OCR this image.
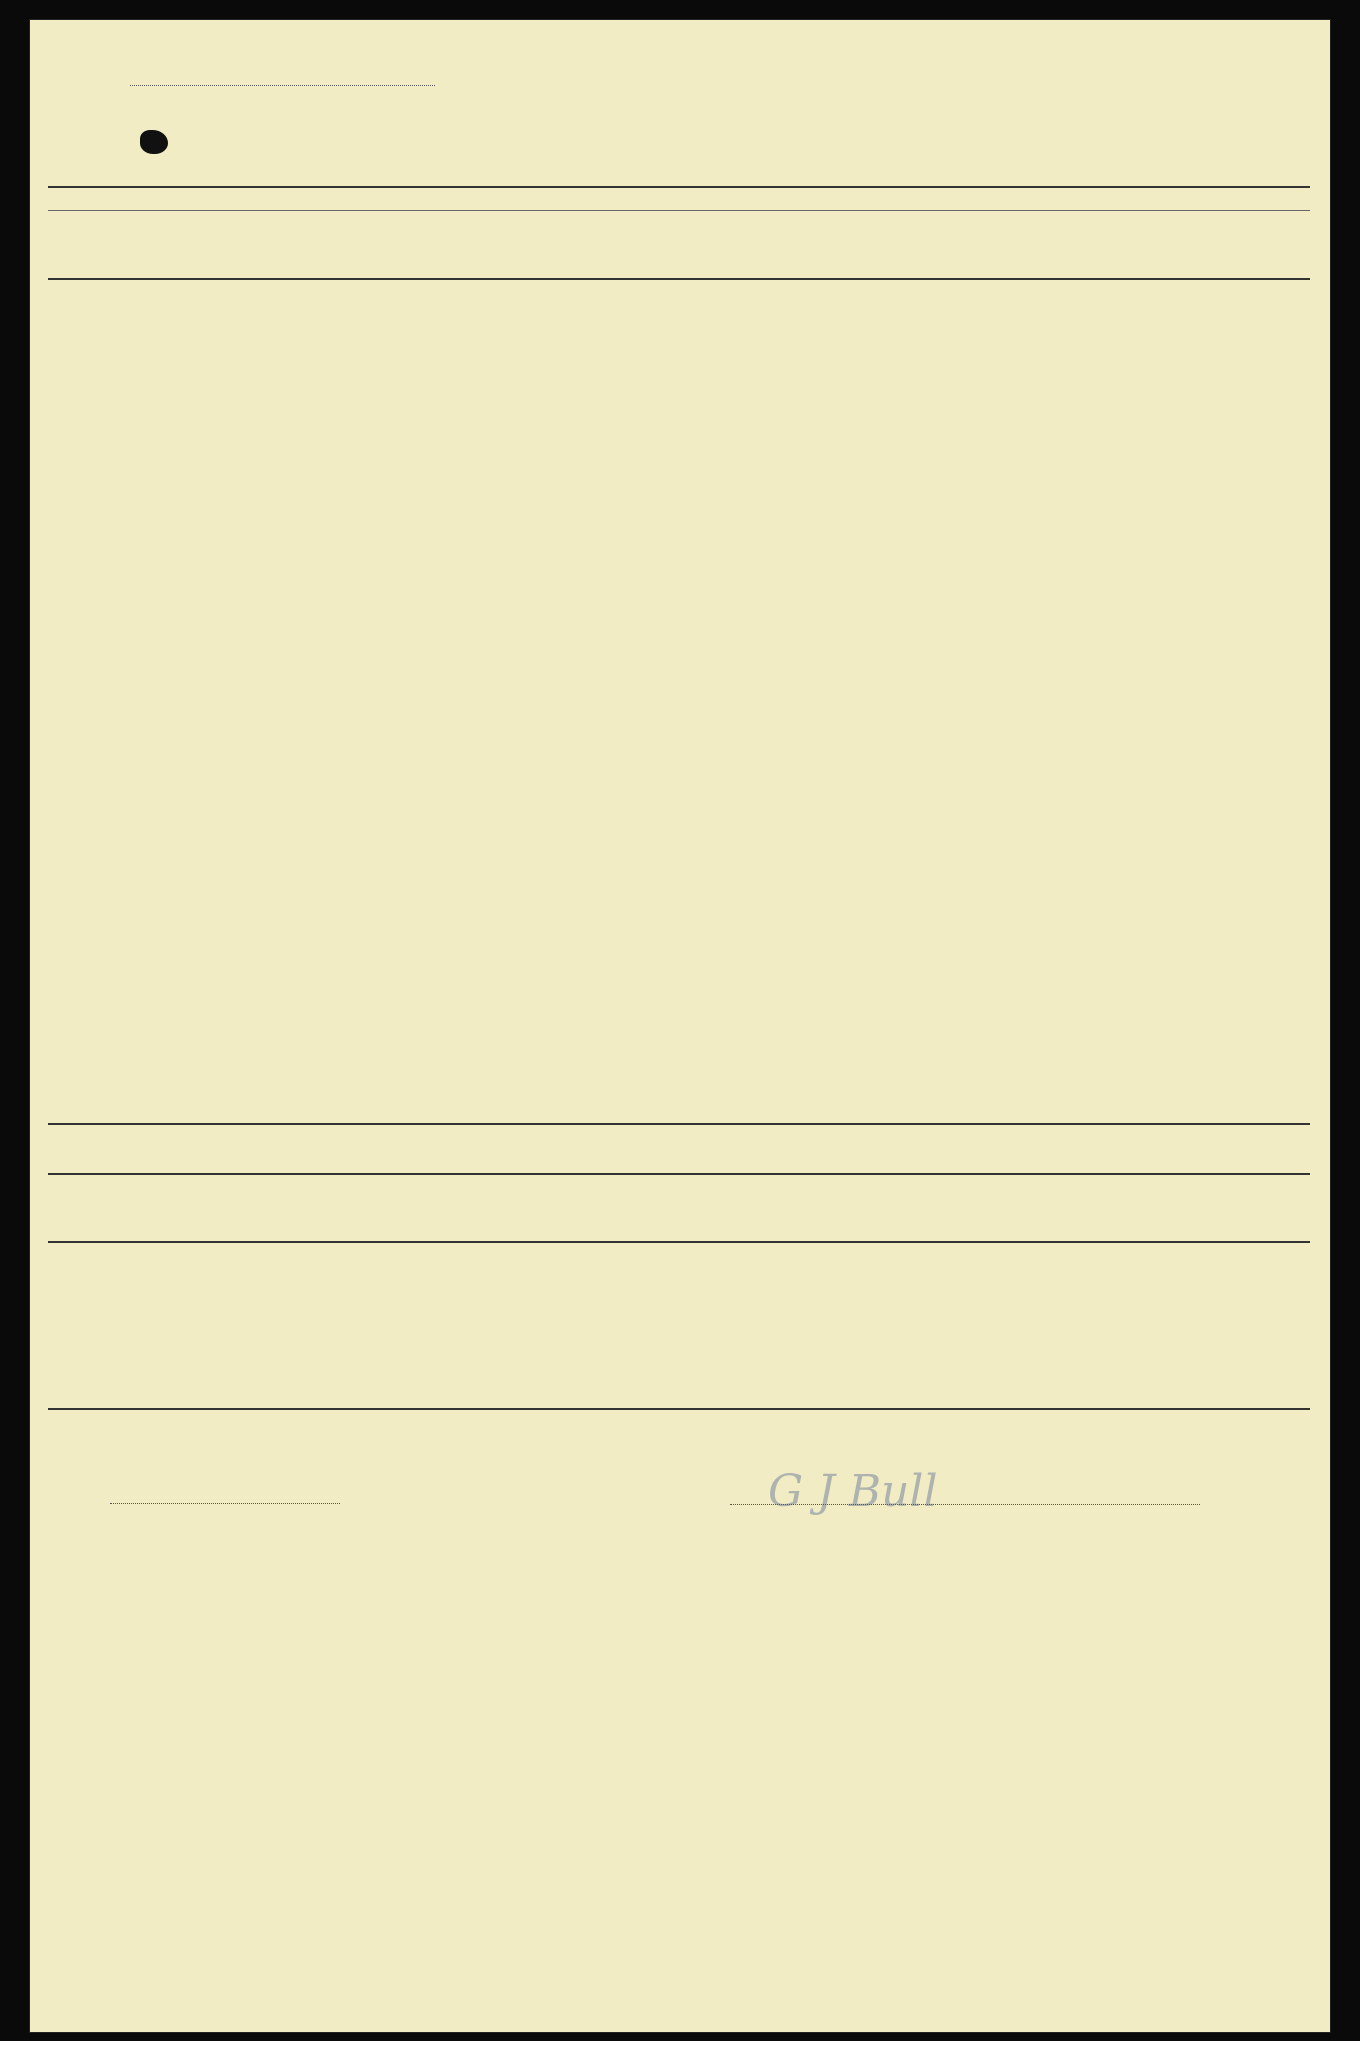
G J Bull
